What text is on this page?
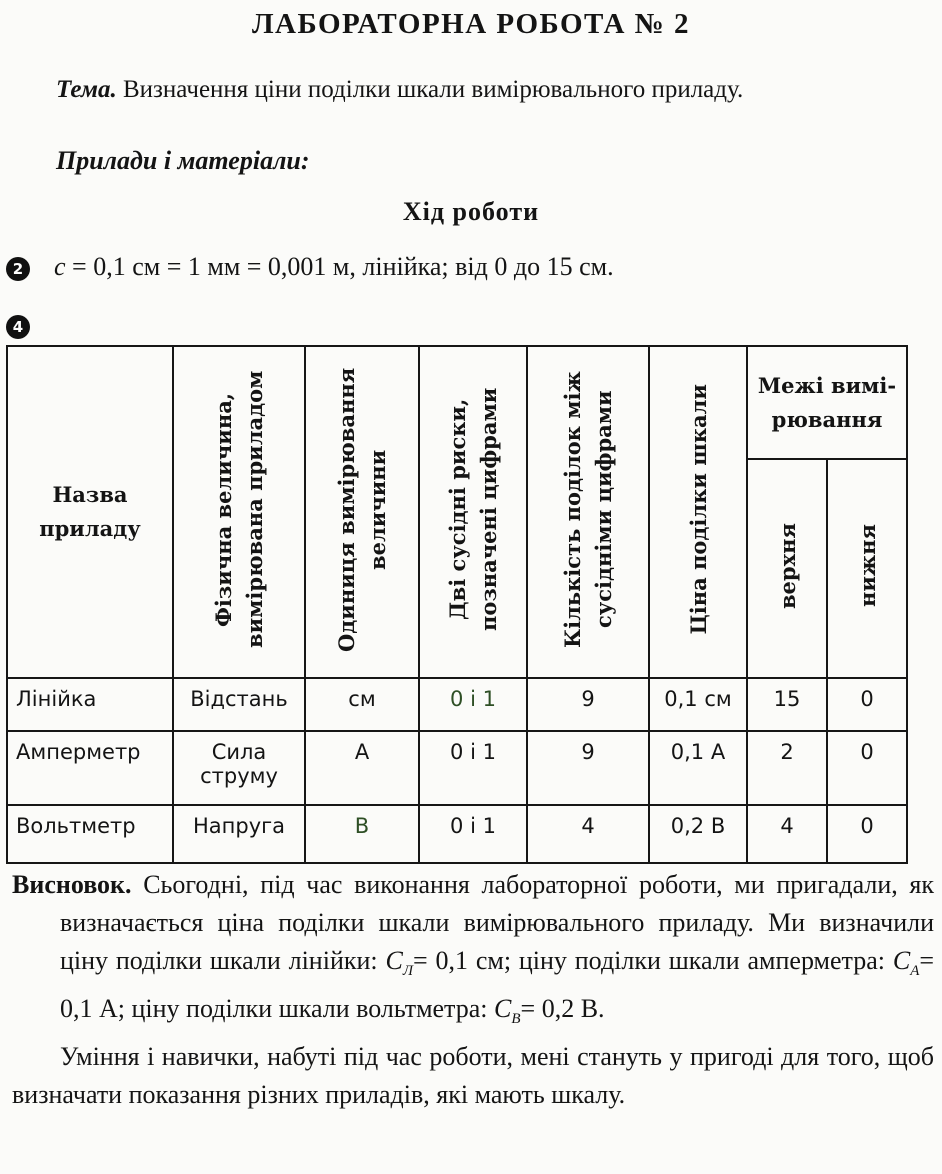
ЛАБОРАТОРНА РОБОТА № 2
Тема. Визначення ціни поділки шкали вимірювального приладу.
Прилади і матеріали:
Хід роботи
2 c = 0,1 см = 1 мм = 0,001 м, лінійка; від 0 до 15 см.
4
Назва приладу	Фізична величина, вимірювана приладом	Одиниця вимірювання величини	Дві сусідні риски, позначені цифрами	Кількість поділок між сусідніми цифрами	Ціна поділки шкали	Межі вимі-рювання	
						верхня	нижня
Лінійка	Відстань	см	0 і 1	9	0,1 см	15	0
Амперметр	Сила струму	А	0 і 1	9	0,1 А	2	0
Вольтметр	Напруга	В	0 і 1	4	0,2 В	4	0

Висновок. Сьогодні, під час виконання лабораторної роботи, ми пригадали, як визначається ціна поділки шкали вимірювального приладу. Ми визначили ціну поділки шкали лінійки: $C_Л= 0,1$ см; ціну поділки шкали амперметра: $C_А= 0,1$ А; ціну поділки шкали вольтметра: $C_В= 0,2$ В.

Уміння і навички, набуті під час роботи, мені стануть у пригоді для того, щоб визначати показання різних приладів, які мають шкалу.
